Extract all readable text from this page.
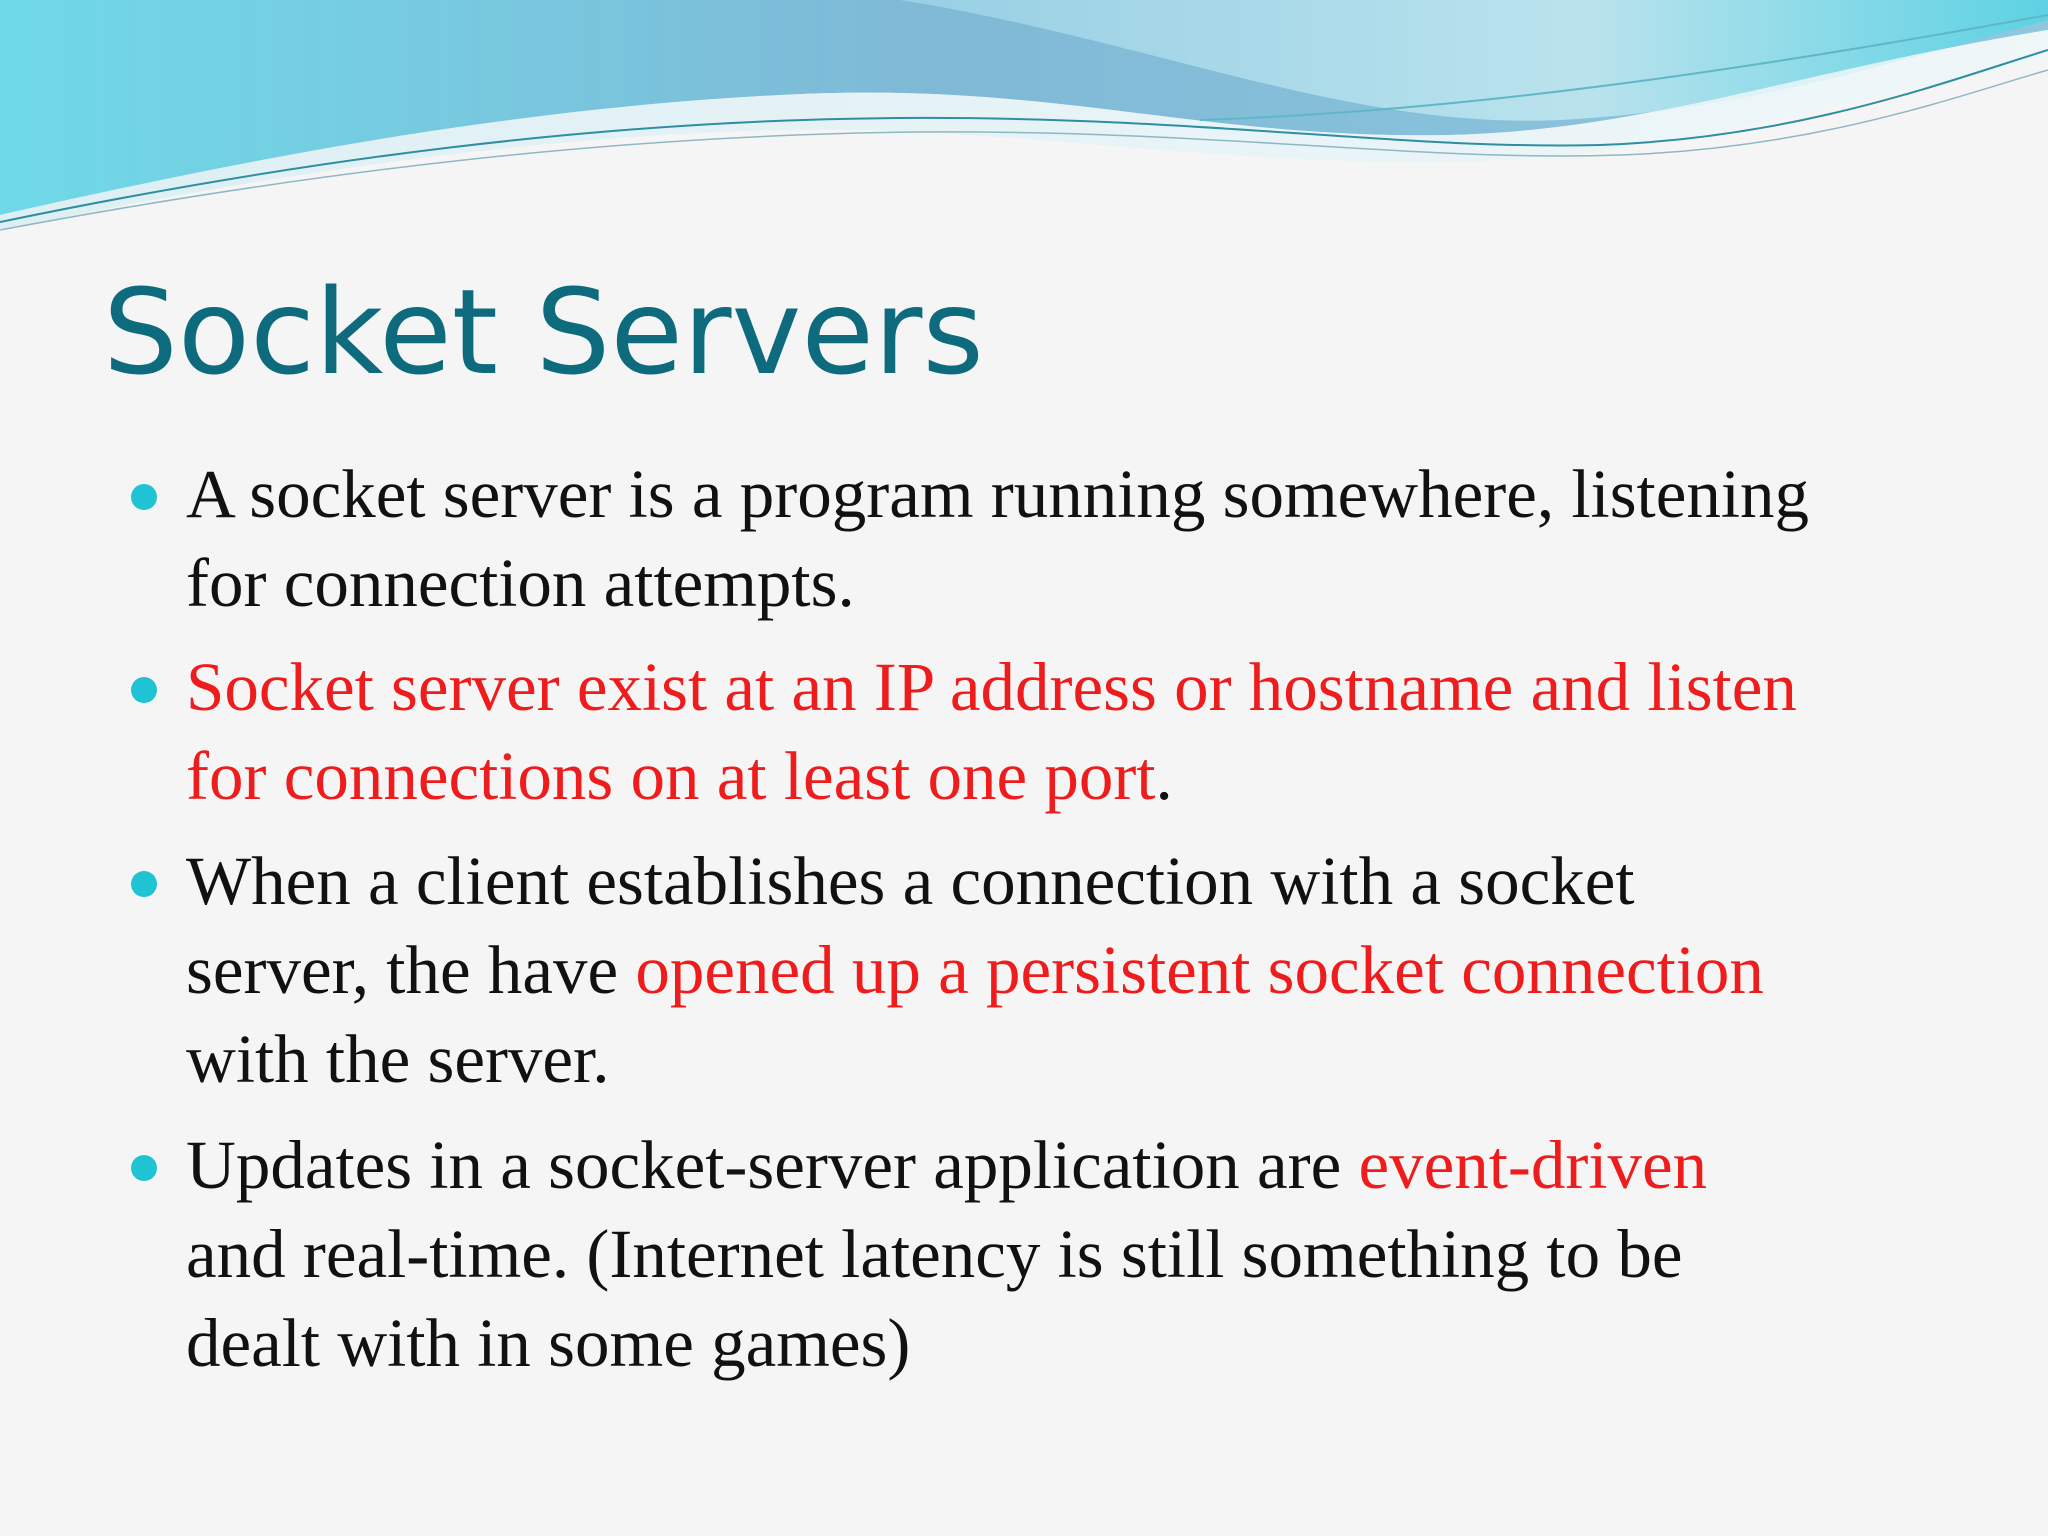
Socket Servers
A socket server is a program running somewhere, listening
for connection attempts.
Socket server exist at an IP address or hostname and listen
for connections on at least one port.
When a client establishes a connection with a socket
server, the have opened up a persistent socket connection
with the server.
Updates in a socket-server application are event-driven
and real-time. (Internet latency is still something to be
dealt with in some games)
